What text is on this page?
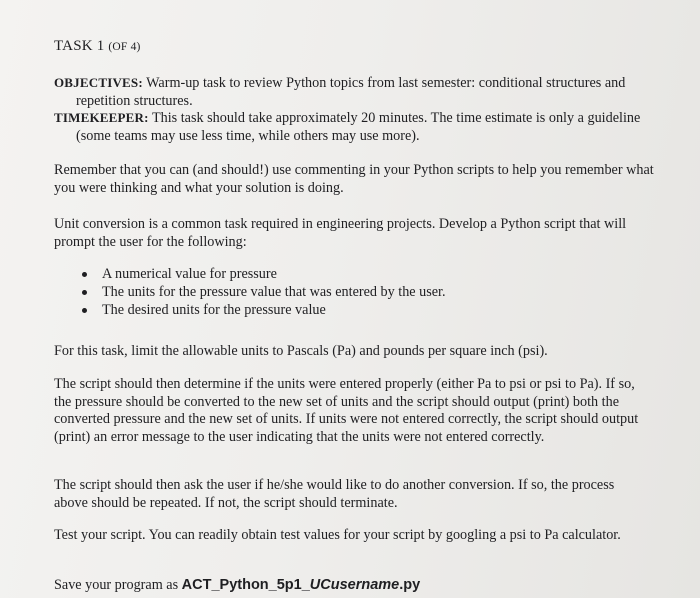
TASK 1 (OF 4)
OBJECTIVES: Warm-up task to review Python topics from last semester: conditional structures and repetition structures.
TIMEKEEPER: This task should take approximately 20 minutes. The time estimate is only a guideline (some teams may use less time, while others may use more).
Remember that you can (and should!) use commenting in your Python scripts to help you remember what you were thinking and what your solution is doing.
Unit conversion is a common task required in engineering projects. Develop a Python script that will prompt the user for the following:
A numerical value for pressure
The units for the pressure value that was entered by the user.
The desired units for the pressure value
For this task, limit the allowable units to Pascals (Pa) and pounds per square inch (psi).
The script should then determine if the units were entered properly (either Pa to psi or psi to Pa). If so, the pressure should be converted to the new set of units and the script should output (print) both the converted pressure and the new set of units. If units were not entered correctly, the script should output (print) an error message to the user indicating that the units were not entered correctly.
The script should then ask the user if he/she would like to do another conversion. If so, the process above should be repeated. If not, the script should terminate.
Test your script. You can readily obtain test values for your script by googling a psi to Pa calculator.
Save your program as ACT_Python_5p1_UCusername.py
